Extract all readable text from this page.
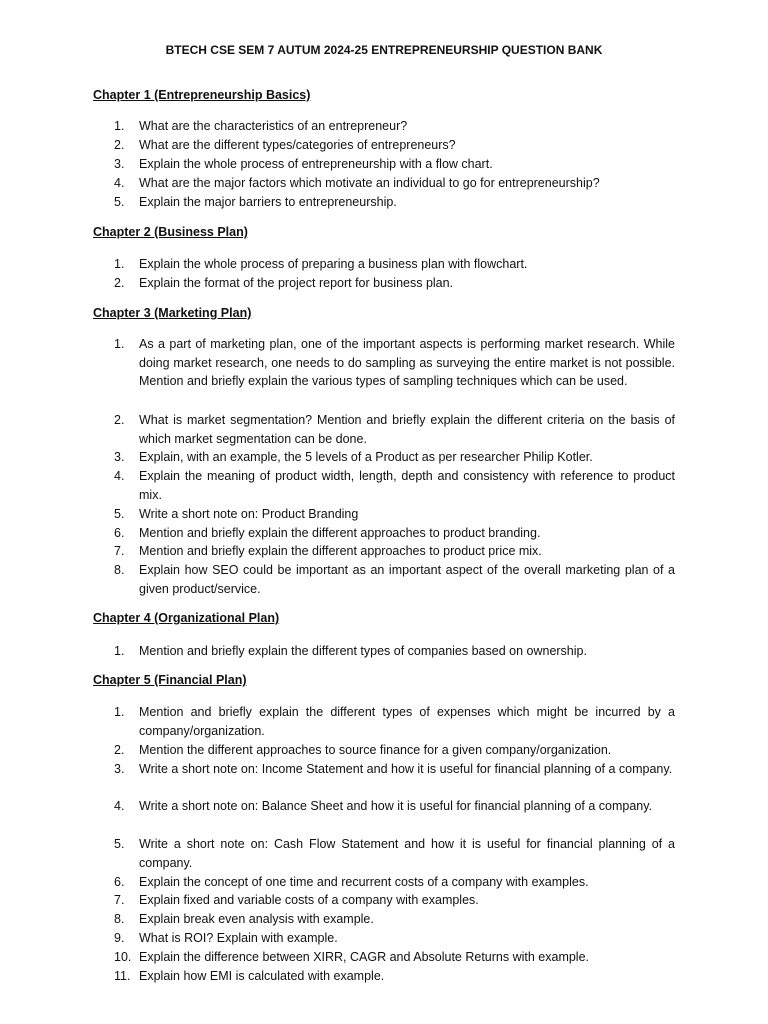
BTECH CSE SEM 7 AUTUM 2024-25 ENTREPRENEURSHIP QUESTION BANK
Chapter 1 (Entrepreneurship Basics)
1.	What are the characteristics of an entrepreneur?
2.	What are the different types/categories of entrepreneurs?
3.	Explain the whole process of entrepreneurship with a flow chart.
4.	What are the major factors which motivate an individual to go for entrepreneurship?
5.	Explain the major barriers to entrepreneurship.
Chapter 2 (Business Plan)
1.	Explain the whole process of preparing a business plan with flowchart.
2.	Explain the format of the project report for business plan.
Chapter 3 (Marketing Plan)
1.	As a part of marketing plan, one of the important aspects is performing market research. While doing market research, one needs to do sampling as surveying the entire market is not possible. Mention and briefly explain the various types of sampling techniques which can be used.
2.	What is market segmentation? Mention and briefly explain the different criteria on the basis of which market segmentation can be done.
3.	Explain, with an example, the 5 levels of a Product as per researcher Philip Kotler.
4.	Explain the meaning of product width, length, depth and consistency with reference to product mix.
5.	Write a short note on: Product Branding
6.	Mention and briefly explain the different approaches to product branding.
7.	Mention and briefly explain the different approaches to product price mix.
8.	Explain how SEO could be important as an important aspect of the overall marketing plan of a given product/service.
Chapter 4 (Organizational Plan)
1.	Mention and briefly explain the different types of companies based on ownership.
Chapter 5 (Financial Plan)
1.	Mention and briefly explain the different types of expenses which might be incurred by a company/organization.
2.	Mention the different approaches to source finance for a given company/organization.
3.	Write a short note on: Income Statement and how it is useful for financial planning of a company.
4.	Write a short note on: Balance Sheet and how it is useful for financial planning of a company.
5.	Write a short note on: Cash Flow Statement and how it is useful for financial planning of a company.
6.	Explain the concept of one time and recurrent costs of a company with examples.
7.	Explain fixed and variable costs of a company with examples.
8.	Explain break even analysis with example.
9.	What is ROI? Explain with example.
10. Explain the difference between XIRR, CAGR and Absolute Returns with example.
11. Explain how EMI is calculated with example.
